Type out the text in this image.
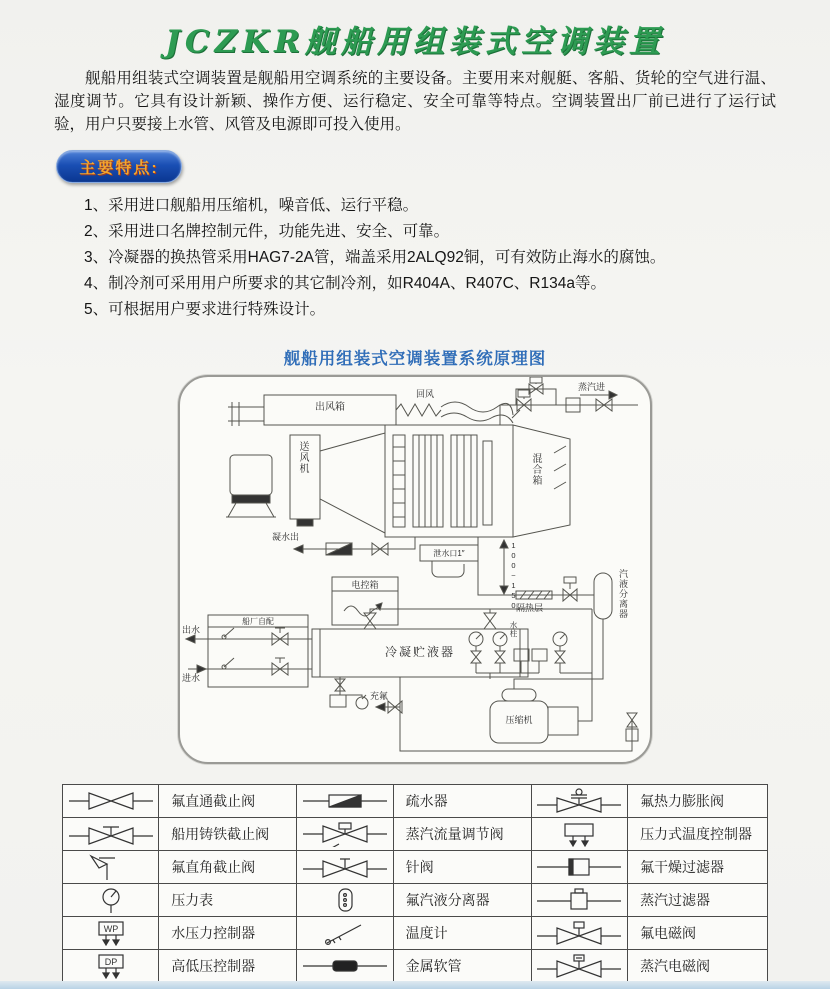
JCZKR舰船用组装式空调装置

舰船用组装式空调装置是舰船用空调系统的主要设备。主要用来对舰艇、客船、货轮的空气进行温、湿度调节。它具有设计新颖、操作方便、运行稳定、安全可靠等特点。空调装置出厂前已进行了运行试验，用户只要接上水管、风管及电源即可投入使用。

主要特点:
1、采用进口舰船用压缩机，噪音低、运行平稳。
2、采用进口名牌控制元件，功能先进、安全、可靠。
3、冷凝器的换热管采用HAG7-2A管，端盖采用2ALQ92铜，可有效防止海水的腐蚀。
4、制冷剂可采用用户所要求的其它制冷剂，如R404A、R407C、R134a等。
5、可根据用户要求进行特殊设计。
舰船用组装式空调装置系统原理图
出风箱
送风机
回风
蒸汽进
混合箱
凝水出
泄水口1″	100~150 水柱
电控箱
隔热层	汽液分离器
船厂自配
出水
进水
冷凝贮液器
充氟
压缩机
	氟直通截止阀		疏水器		氟热力膨胀阀
	船用铸铁截止阀		蒸汽流量调节阀		压力式温度控制器
	氟直角截止阀		针阀		氟干燥过滤器
	压力表		氟汽液分离器		蒸汽过滤器

WP	水压力控制器		温度计		氟电磁阀

DP	高低压控制器		金属软管		蒸汽电磁阀
